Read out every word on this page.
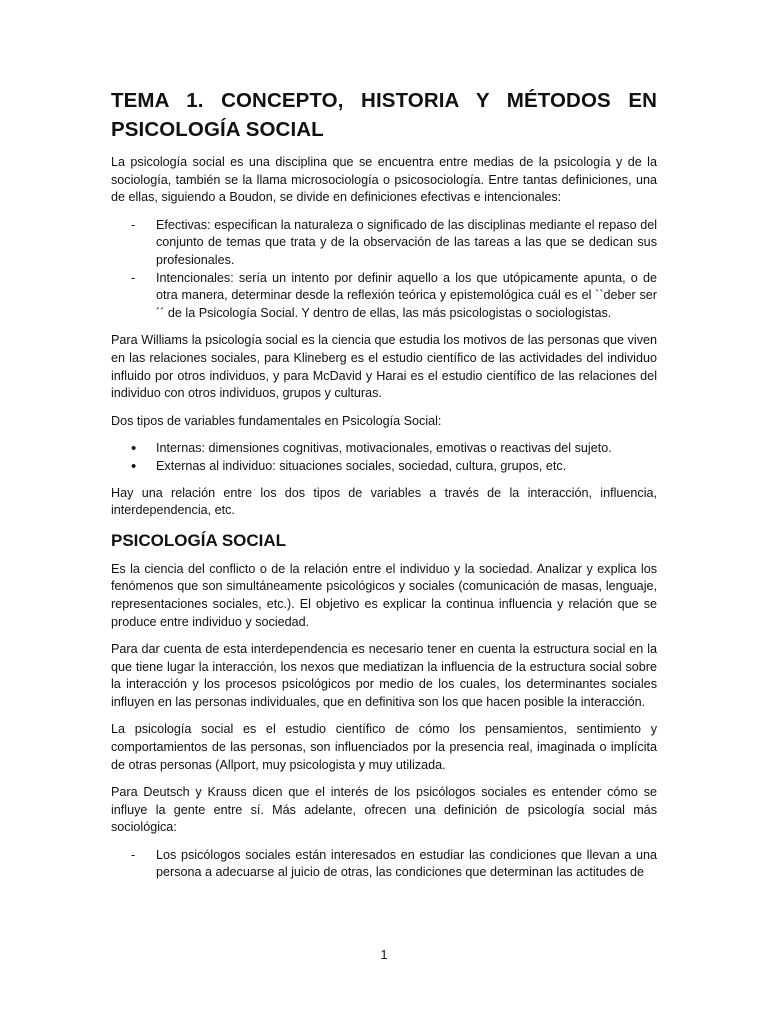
TEMA 1. CONCEPTO, HISTORIA Y MÉTODOS EN PSICOLOGÍA SOCIAL

La psicología social es una disciplina que se encuentra entre medias de la psicología y de la sociología, también se la llama microsociología o psicosociología. Entre tantas definiciones, una de ellas, siguiendo a Boudon, se divide en definiciones efectivas e intencionales:

- Efectivas: especifican la naturaleza o significado de las disciplinas mediante el repaso del conjunto de temas que trata y de la observación de las tareas a las que se dedican sus profesionales.
- Intencionales: sería un intento por definir aquello a los que utópicamente apunta, o de otra manera, determinar desde la reflexión teórica y epistemológica cuál es el ``deber ser´´ de la Psicología Social. Y dentro de ellas, las más psicologistas o sociologistas.

Para Williams la psicología social es la ciencia que estudia los motivos de las personas que viven en las relaciones sociales, para Klineberg es el estudio científico de las actividades del individuo influido por otros individuos, y para McDavid y Harai es el estudio científico de las relaciones del individuo con otros individuos, grupos y culturas.

Dos tipos de variables fundamentales en Psicología Social:

• Internas: dimensiones cognitivas, motivacionales, emotivas o reactivas del sujeto.
• Externas al individuo: situaciones sociales, sociedad, cultura, grupos, etc.

Hay una relación entre los dos tipos de variables a través de la interacción, influencia, interdependencia, etc.

PSICOLOGÍA SOCIAL

Es la ciencia del conflicto o de la relación entre el individuo y la sociedad. Analizar y explica los fenómenos que son simultáneamente psicológicos y sociales (comunicación de masas, lenguaje, representaciones sociales, etc.). El objetivo es explicar la continua influencia y relación que se produce entre individuo y sociedad.

Para dar cuenta de esta interdependencia es necesario tener en cuenta la estructura social en la que tiene lugar la interacción, los nexos que mediatizan la influencia de la estructura social sobre la interacción y los procesos psicológicos por medio de los cuales, los determinantes sociales influyen en las personas individuales, que en definitiva son los que hacen posible la interacción.

La psicología social es el estudio científico de cómo los pensamientos, sentimiento y comportamientos de las personas, son influenciados por la presencia real, imaginada o implícita de otras personas (Allport, muy psicologista y muy utilizada.

Para Deutsch y Krauss dicen que el interés de los psicólogos sociales es entender cómo se influye la gente entre sí. Más adelante, ofrecen una definición de psicología social más sociológica:

- Los psicólogos sociales están interesados en estudiar las condiciones que llevan a una persona a adecuarse al juicio de otras, las condiciones que determinan las actitudes de
1
